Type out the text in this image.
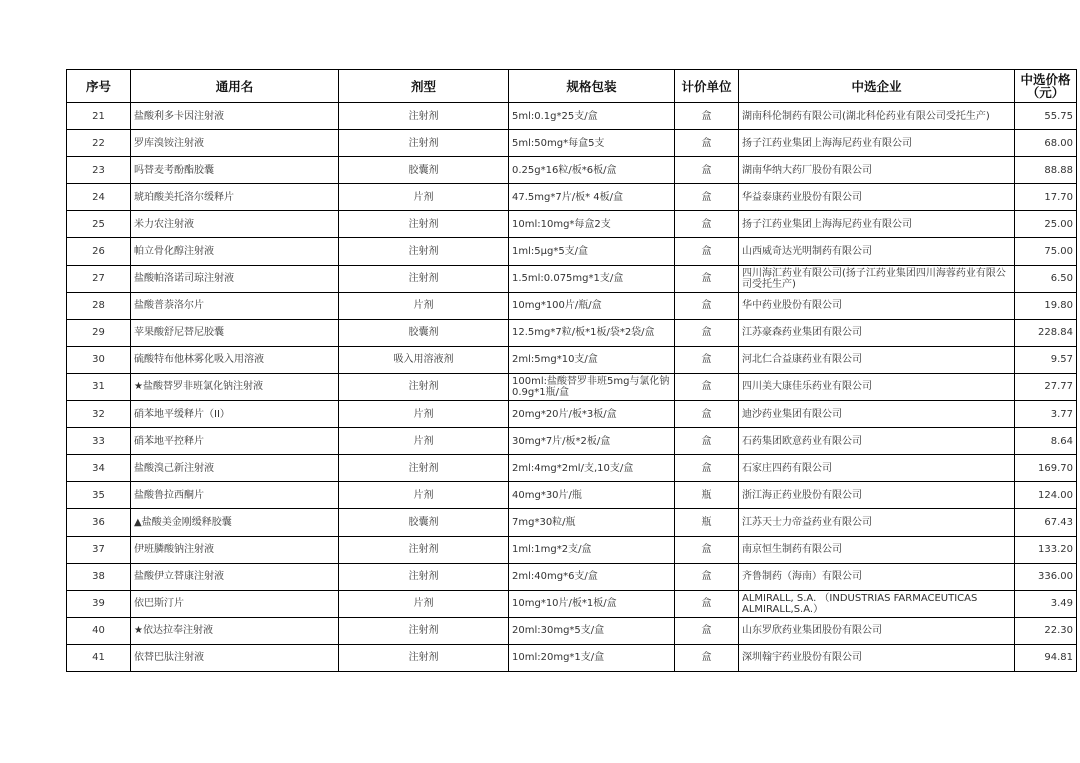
序号	通用名	剂型	规格包装	计价单位	中选企业	中选价格（元）
21	盐酸利多卡因注射液	注射剂	5ml:0.1g*25支/盒	盒	湖南科伦制药有限公司(湖北科伦药业有限公司受托生产)	55.75
22	罗库溴铵注射液	注射剂	5ml:50mg*每盒5支	盒	扬子江药业集团上海海尼药业有限公司	68.00
23	吗替麦考酚酯胶囊	胶囊剂	0.25g*16粒/板*6板/盒	盒	湖南华纳大药厂股份有限公司	88.88
24	琥珀酸美托洛尔缓释片	片剂	47.5mg*7片/板* 4板/盒	盒	华益泰康药业股份有限公司	17.70
25	米力农注射液	注射剂	10ml:10mg*每盒2支	盒	扬子江药业集团上海海尼药业有限公司	25.00
26	帕立骨化醇注射液	注射剂	1ml:5μg*5支/盒	盒	山西威奇达光明制药有限公司	75.00
27	盐酸帕洛诺司琼注射液	注射剂	1.5ml:0.075mg*1支/盒	盒	四川海汇药业有限公司(扬子江药业集团四川海蓉药业有限公司受托生产)	6.50
28	盐酸普萘洛尔片	片剂	10mg*100片/瓶/盒	盒	华中药业股份有限公司	19.80
29	苹果酸舒尼替尼胶囊	胶囊剂	12.5mg*7粒/板*1板/袋*2袋/盒	盒	江苏豪森药业集团有限公司	228.84
30	硫酸特布他林雾化吸入用溶液	吸入用溶液剂	2ml:5mg*10支/盒	盒	河北仁合益康药业有限公司	9.57
31	★盐酸替罗非班氯化钠注射液	注射剂	100ml:盐酸替罗非班5mg与氯化钠0.9g*1瓶/盒	盒	四川美大康佳乐药业有限公司	27.77
32	硝苯地平缓释片（II）	片剂	20mg*20片/板*3板/盒	盒	迪沙药业集团有限公司	3.77
33	硝苯地平控释片	片剂	30mg*7片/板*2板/盒	盒	石药集团欧意药业有限公司	8.64
34	盐酸溴己新注射液	注射剂	2ml:4mg*2ml/支,10支/盒	盒	石家庄四药有限公司	169.70
35	盐酸鲁拉西酮片	片剂	40mg*30片/瓶	瓶	浙江海正药业股份有限公司	124.00
36	▲盐酸美金刚缓释胶囊	胶囊剂	7mg*30粒/瓶	瓶	江苏天士力帝益药业有限公司	67.43
37	伊班膦酸钠注射液	注射剂	1ml:1mg*2支/盒	盒	南京恒生制药有限公司	133.20
38	盐酸伊立替康注射液	注射剂	2ml:40mg*6支/盒	盒	齐鲁制药（海南）有限公司	336.00
39	依巴斯汀片	片剂	10mg*10片/板*1板/盒	盒	ALMIRALL, S.A. （INDUSTRIAS FARMACEUTICAS ALMIRALL,S.A.）	3.49
40	★依达拉奉注射液	注射剂	20ml:30mg*5支/盒	盒	山东罗欣药业集团股份有限公司	22.30
41	依替巴肽注射液	注射剂	10ml:20mg*1支/盒	盒	深圳翰宇药业股份有限公司	94.81
